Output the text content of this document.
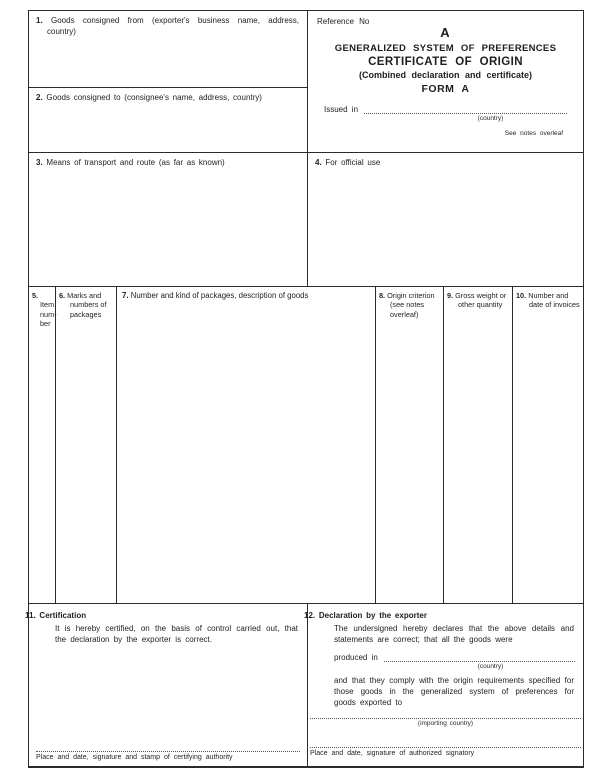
1. Goods consigned from (exporter's business name, address, country)
2. Goods consigned to (consignee's name, address, country)
3. Means of transport and route (as far as known)
Reference No
A
GENERALIZED SYSTEM OF PREFERENCES
CERTIFICATE OF ORIGIN
(Combined declaration and certificate)
FORM A
Issued in
(country)
See notes overleaf
4. For official use
5. Item num- ber
6. Marks and numbers of packages
7. Number and kind of packages, description of goods	8. Origin criterion (see notes overleaf)
9. Gross weight or other quantity
10. Number and date of invoices
11. Certification
It is hereby certified, on the basis of control carried out, that the declaration by the exporter is correct.
Place and date, signature and stamp of certifying authority
12. Declaration by the exporter
The undersigned hereby declares that the above details and statements are correct; that all the goods were
produced in
(country)
and that they comply with the origin requirements specified for those goods in the generalized system of preferences for goods exported to
(importing country)
Place and date, signature of authorized signatory
